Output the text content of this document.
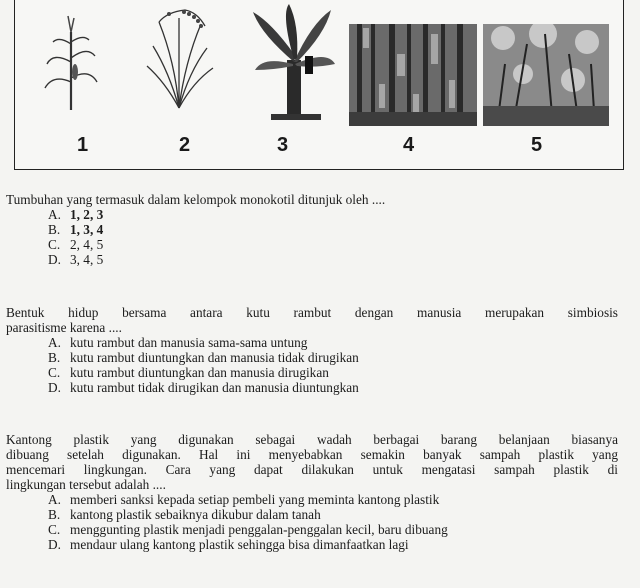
1	2	3	4	5
Tumbuhan yang termasuk dalam kelompok monokotil ditunjuk oleh ....
A. 1, 2, 3
B. 1, 3, 4
C. 2, 4, 5
D. 3, 4, 5
Bentuk hidup bersama antara kutu rambut dengan manusia merupakan simbiosis
parasitisme karena ....
A. kutu rambut dan manusia sama-sama untung
B. kutu rambut diuntungkan dan manusia tidak dirugikan
C. kutu rambut diuntungkan dan manusia dirugikan
D. kutu rambut tidak dirugikan dan manusia diuntungkan
Kantong plastik yang digunakan sebagai wadah berbagai barang belanjaan biasanya
dibuang setelah digunakan. Hal ini menyebabkan semakin banyak sampah plastik yang
mencemari lingkungan. Cara yang dapat dilakukan untuk mengatasi sampah plastik di
lingkungan tersebut adalah ....
A. memberi sanksi kepada setiap pembeli yang meminta kantong plastik
B. kantong plastik sebaiknya dikubur dalam tanah
C. menggunting plastik menjadi penggalan-penggalan kecil, baru dibuang
D. mendaur ulang kantong plastik sehingga bisa dimanfaatkan lagi
